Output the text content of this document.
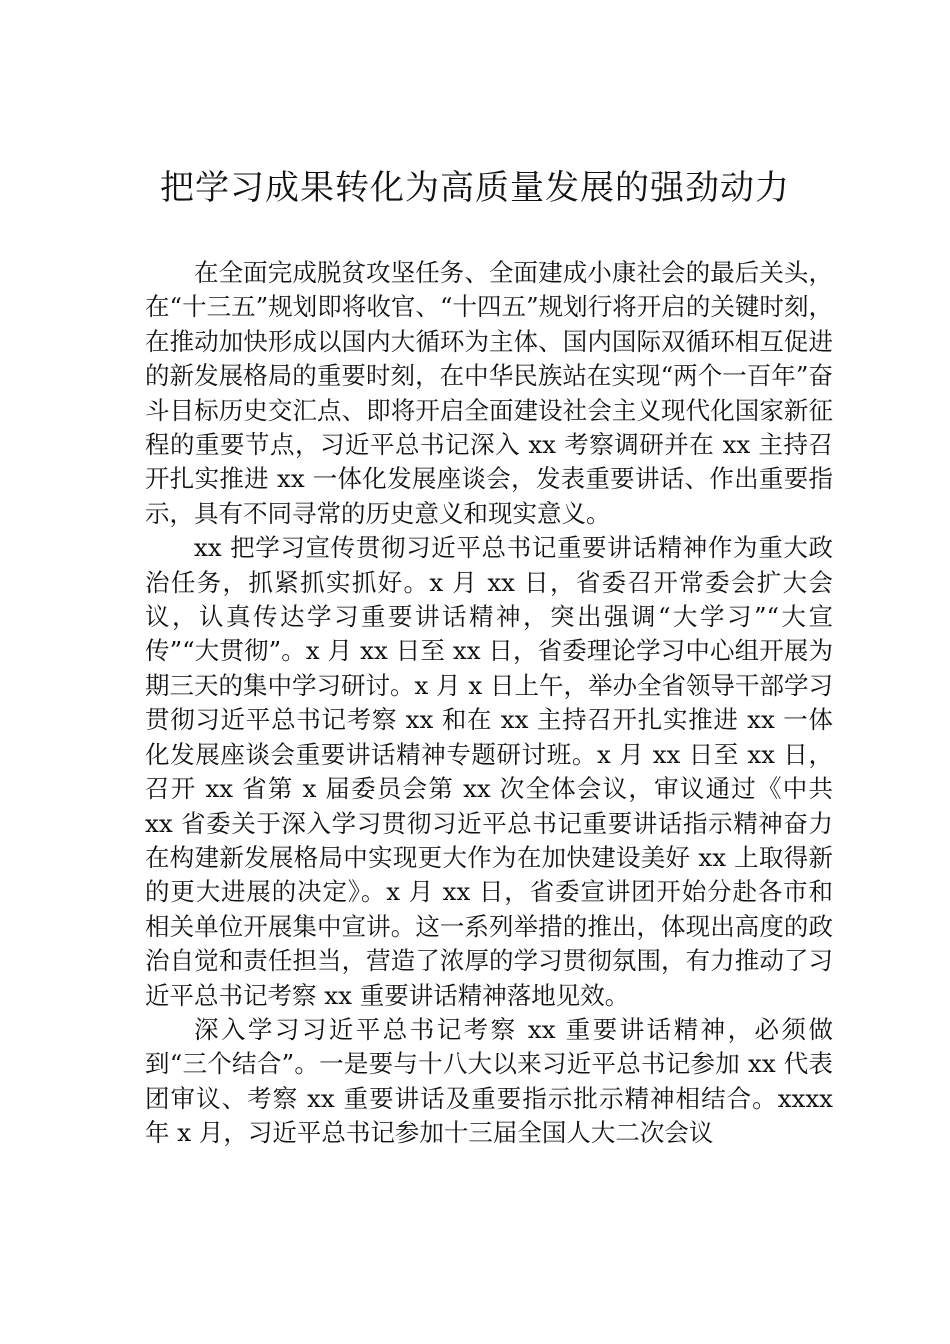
把学习成果转化为高质量发展的强劲动力

在全面完成脱贫攻坚任务、全面建成小康社会的最后关头，在“十三五”规划即将收官、“十四五”规划行将开启的关键时刻，在推动加快形成以国内大循环为主体、国内国际双循环相互促进的新发展格局的重要时刻，在中华民族站在实现“两个一百年”奋斗目标历史交汇点、即将开启全面建设社会主义现代化国家新征程的重要节点，习近平总书记深入 xx 考察调研并在 xx 主持召开扎实推进 xx 一体化发展座谈会，发表重要讲话、作出重要指示，具有不同寻常的历史意义和现实意义。

xx 把学习宣传贯彻习近平总书记重要讲话精神作为重大政治任务，抓紧抓实抓好。x 月 xx 日，省委召开常委会扩大会议，认真传达学习重要讲话精神，突出强调“大学习”“大宣传”“大贯彻”。x 月 xx 日至 xx 日，省委理论学习中心组开展为期三天的集中学习研讨。x 月 x 日上午，举办全省领导干部学习贯彻习近平总书记考察 xx 和在 xx 主持召开扎实推进 xx 一体化发展座谈会重要讲话精神专题研讨班。x 月 xx 日至 xx 日，召开 xx 省第 x 届委员会第 xx 次全体会议，审议通过《中共 xx 省委关于深入学习贯彻习近平总书记重要讲话指示精神奋力在构建新发展格局中实现更大作为在加快建设美好 xx 上取得新的更大进展的决定》。x 月 xx 日，省委宣讲团开始分赴各市和相关单位开展集中宣讲。这一系列举措的推出，体现出高度的政治自觉和责任担当，营造了浓厚的学习贯彻氛围，有力推动了习近平总书记考察 xx 重要讲话精神落地见效。

深入学习习近平总书记考察 xx 重要讲话精神，必须做到“三个结合”。一是要与十八大以来习近平总书记参加 xx 代表团审议、考察 xx 重要讲话及重要指示批示精神相结合。xxxx 年 x 月，习近平总书记参加十三届全国人大二次会议
